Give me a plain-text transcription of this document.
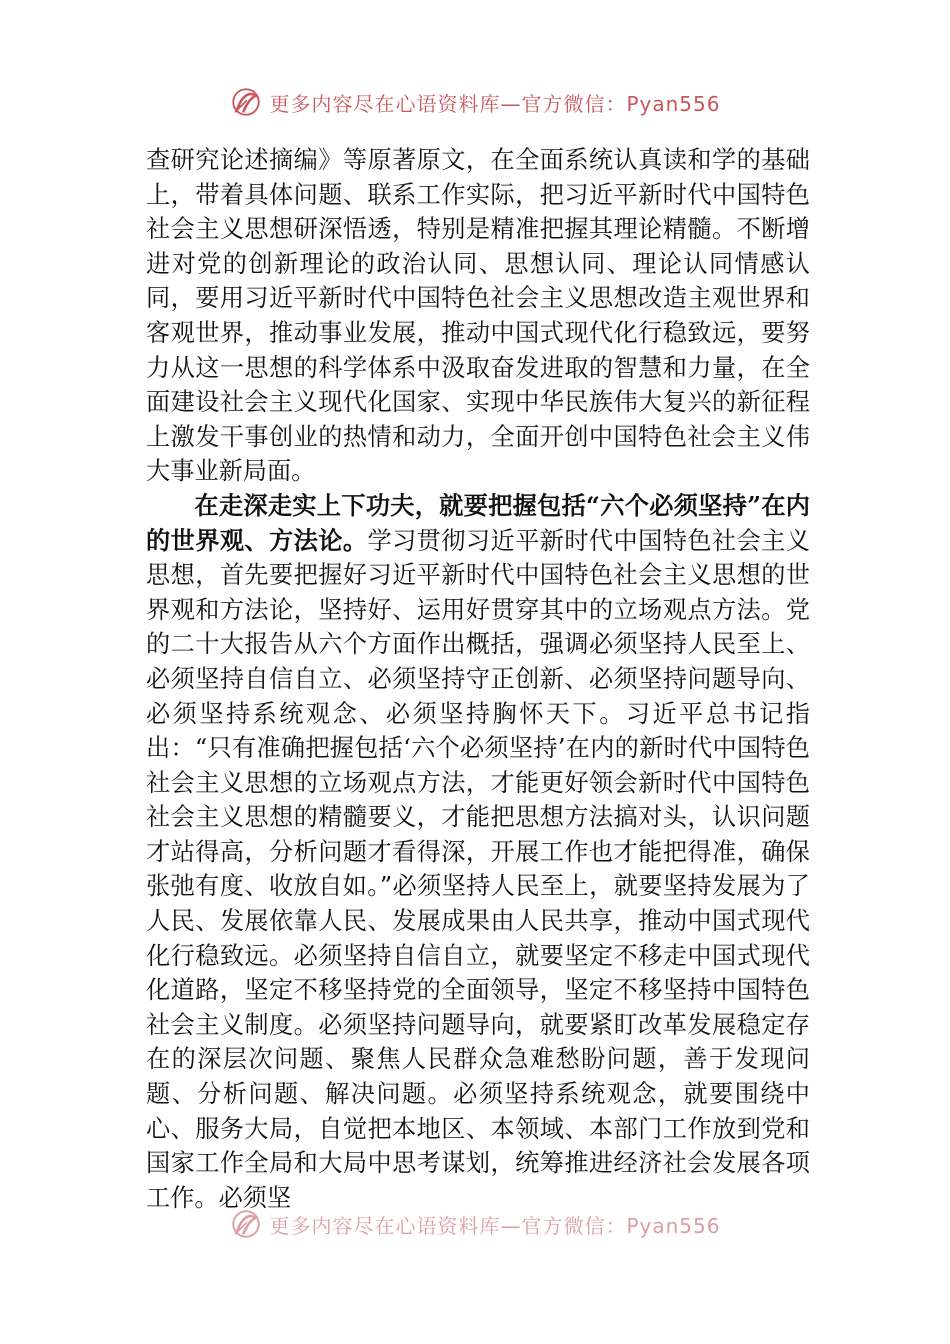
更多内容尽在心语资料库—官方微信：Pyan556

查研究论述摘编》等原著原文，在全面系统认真读和学的基础上，带着具体问题、联系工作实际，把习近平新时代中国特色社会主义思想研深悟透，特别是精准把握其理论精髓。不断增进对党的创新理论的政治认同、思想认同、理论认同情感认同，要用习近平新时代中国特色社会主义思想改造主观世界和客观世界，推动事业发展，推动中国式现代化行稳致远，要努力从这一思想的科学体系中汲取奋发进取的智慧和力量，在全面建设社会主义现代化国家、实现中华民族伟大复兴的新征程上激发干事创业的热情和动力，全面开创中国特色社会主义伟大事业新局面。

在走深走实上下功夫，就要把握包括“六个必须坚持”在内的世界观、方法论。学习贯彻习近平新时代中国特色社会主义思想，首先要把握好习近平新时代中国特色社会主义思想的世界观和方法论，坚持好、运用好贯穿其中的立场观点方法。党的二十大报告从六个方面作出概括，强调必须坚持人民至上、必须坚持自信自立、必须坚持守正创新、必须坚持问题导向、必须坚持系统观念、必须坚持胸怀天下。习近平总书记指出：“只有准确把握包括‘六个必须坚持’在内的新时代中国特色社会主义思想的立场观点方法，才能更好领会新时代中国特色社会主义思想的精髓要义，才能把思想方法搞对头，认识问题才站得高，分析问题才看得深，开展工作也才能把得准，确保张弛有度、收放自如。”必须坚持人民至上，就要坚持发展为了人民、发展依靠人民、发展成果由人民共享，推动中国式现代化行稳致远。必须坚持自信自立，就要坚定不移走中国式现代化道路，坚定不移坚持党的全面领导，坚定不移坚持中国特色社会主义制度。必须坚持问题导向，就要紧盯改革发展稳定存在的深层次问题、聚焦人民群众急难愁盼问题，善于发现问题、分析问题、解决问题。必须坚持系统观念，就要围绕中心、服务大局，自觉把本地区、本领域、本部门工作放到党和国家工作全局和大局中思考谋划，统筹推进经济社会发展各项工作。必须坚

更多内容尽在心语资料库—官方微信：Pyan556
